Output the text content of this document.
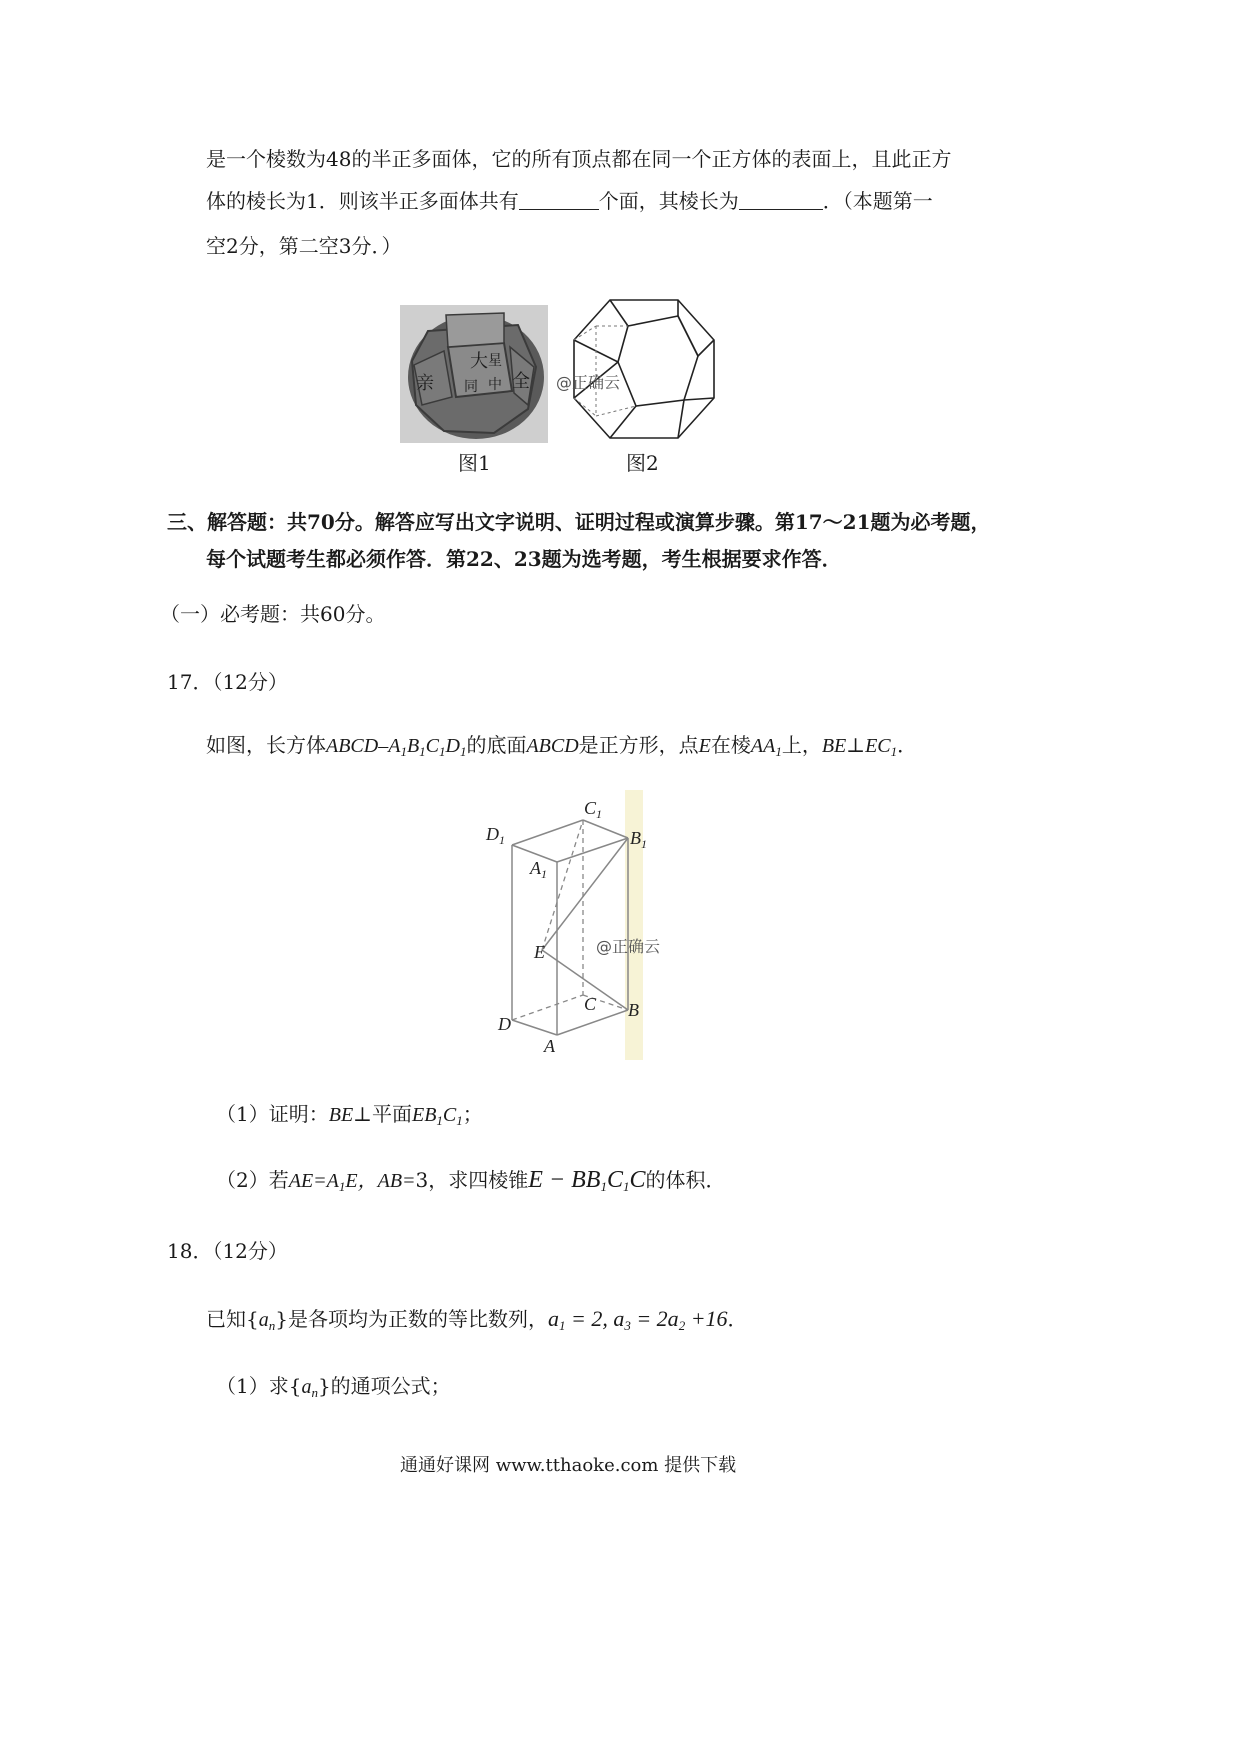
是一个棱数为48的半正多面体，它的所有顶点都在同一个正方体的表面上，且此正方
体的棱长为1．则该半正多面体共有	个面，其棱长为	．（本题第一
空2分，第二空3分．）
大
同 中 全
亲
星
@正确云
图1	图2
三、解答题：共70分。解答应写出文字说明、证明过程或演算步骤。第17～21题为必考题，
每个试题考生都必须作答．第22、23题为选考题，考生根据要求作答．
（一）必考题：共60分。
17．（12分）
如图，长方体ABCD–$A_1B_1C_1D_1$的底面ABCD是正方形，点E在棱$AA_1$上，$BE\perp EC_1$．
$C_1$
$B_1$
$D_1$
$A_1$
E
C B
D
A
@正确云
（1）证明：BE⊥平面$EB_1C_1$；
（2）若$AE=A_1E$，AB=3，求四棱锥$E - BB_1C_1C$的体积．
18．（12分）
已知$\{a_n\}$是各项均为正数的等比数列，$a_1 = 2$, $a_3 = 2a_2 +16$．
（1）求$\{a_n\}$的通项公式；
通通好课网 www.tthaoke.com 提供下载
